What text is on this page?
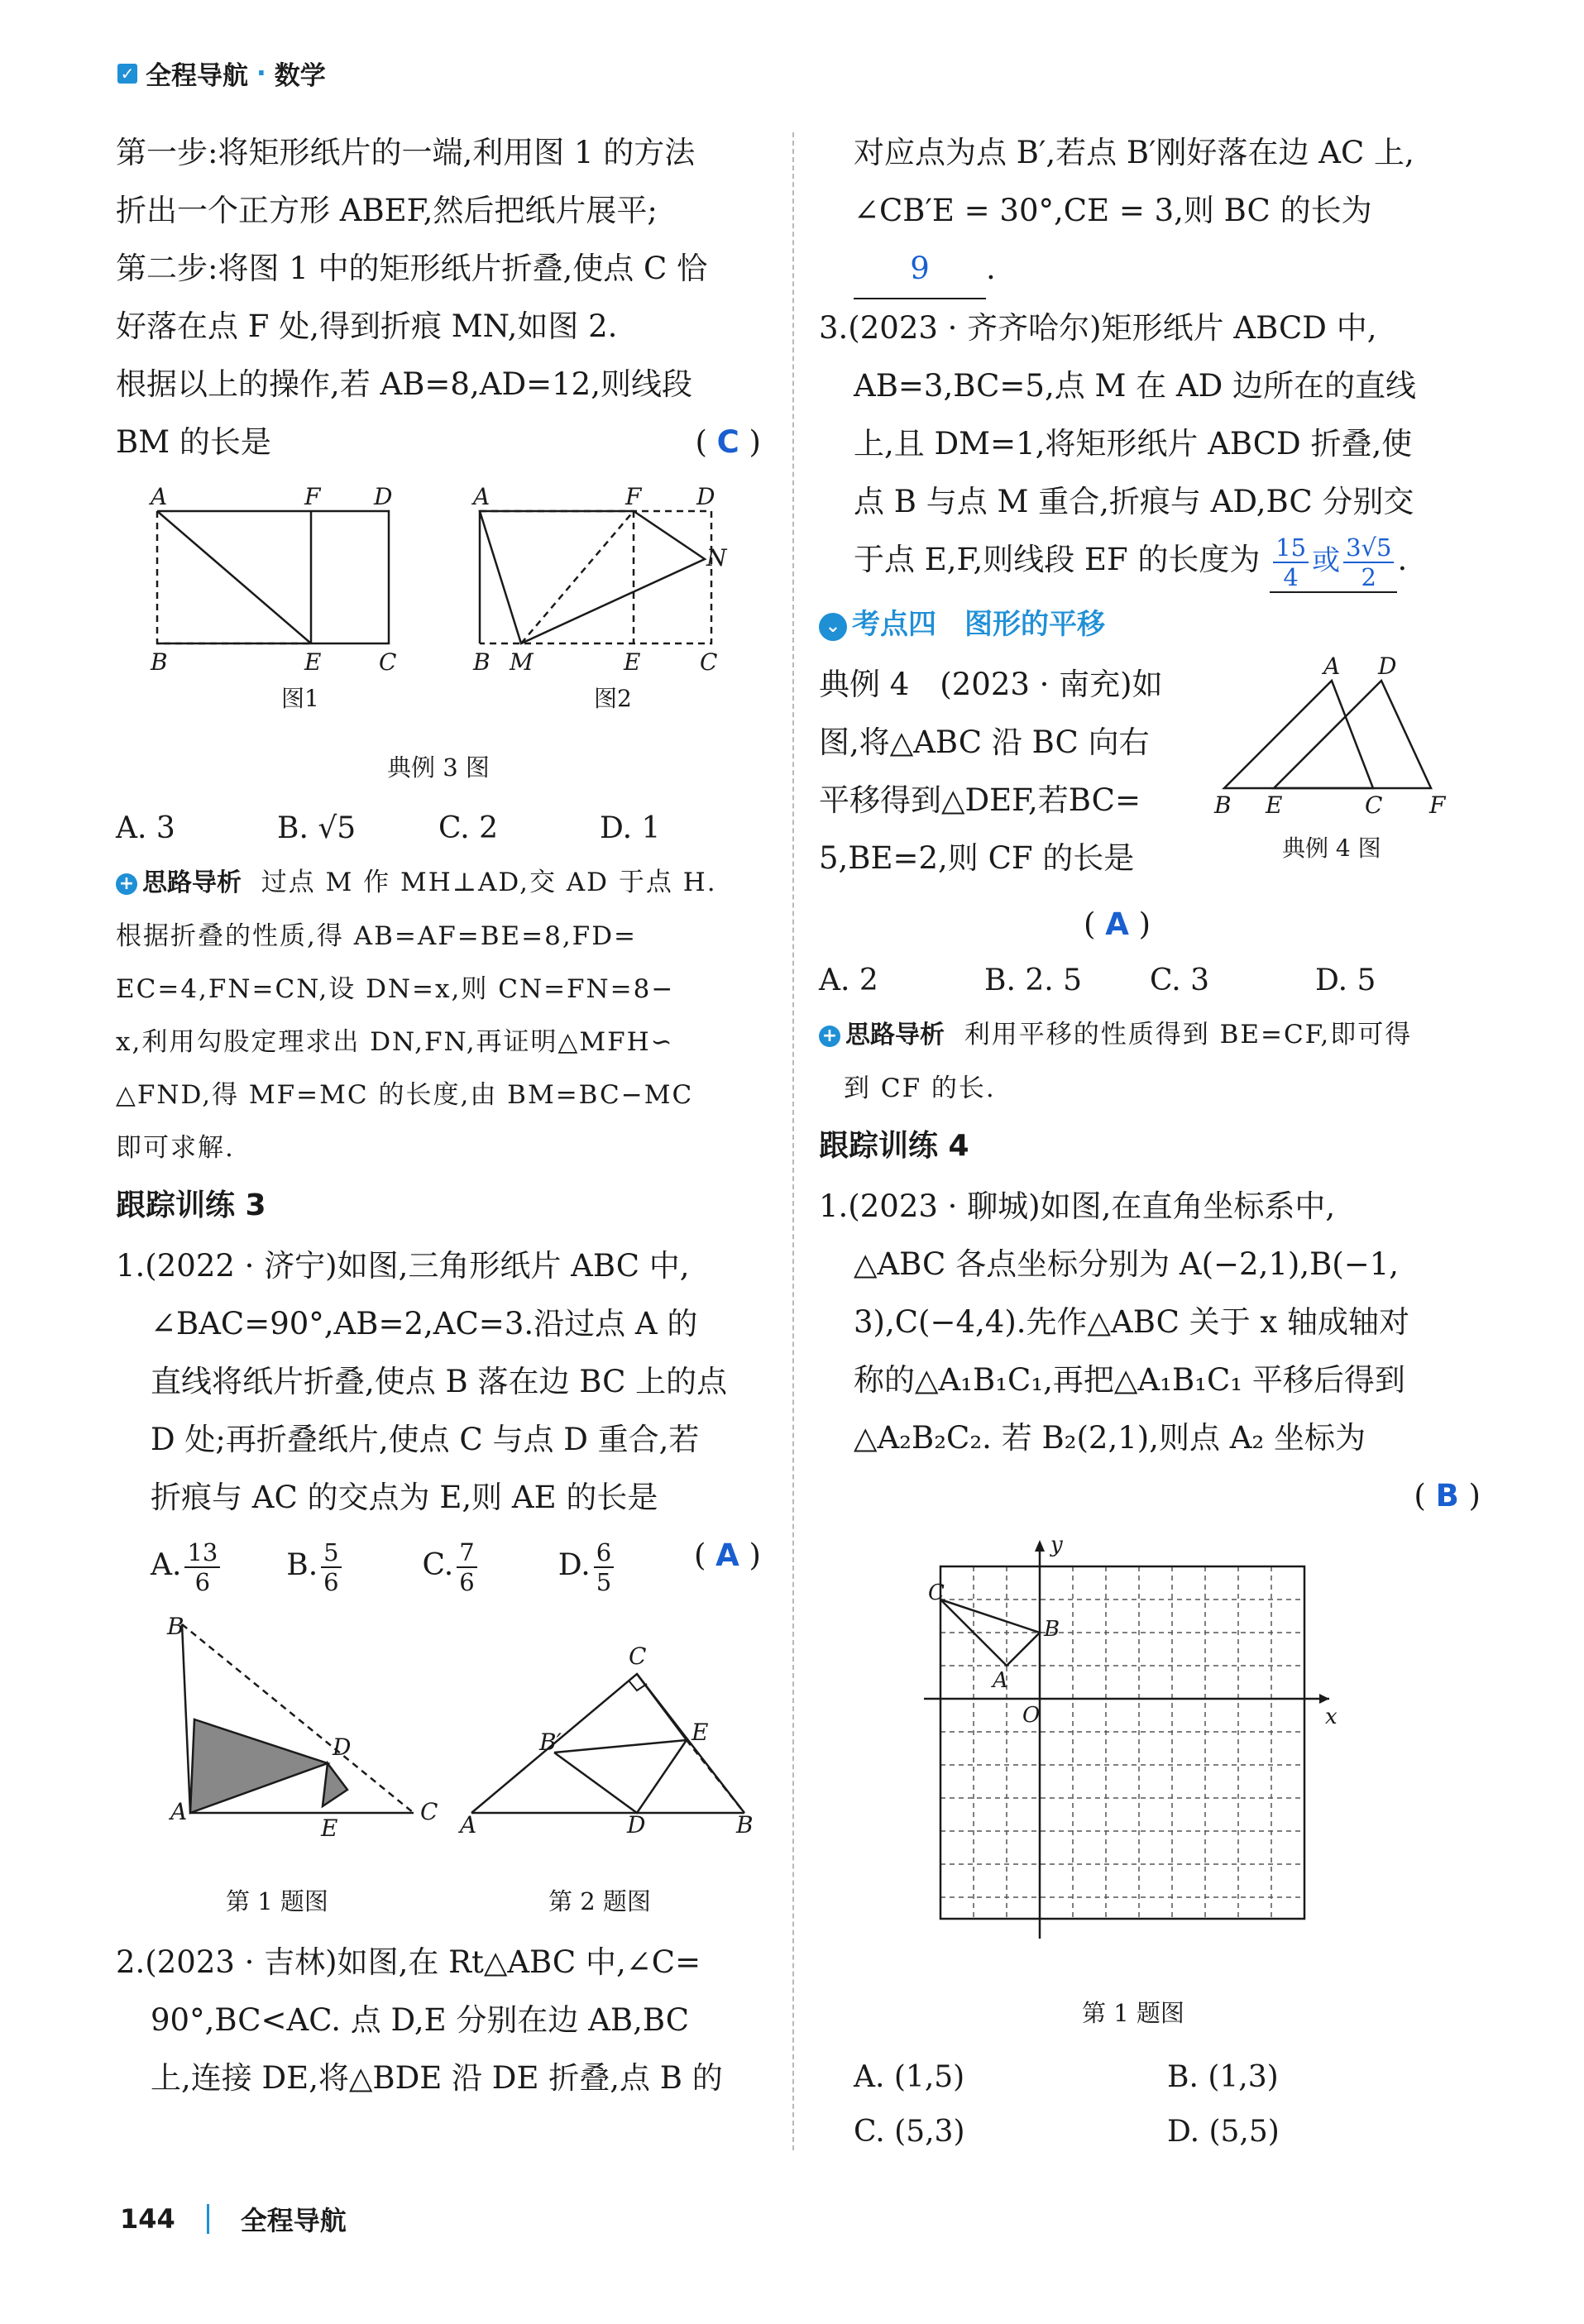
✓ 全程导航 · 数学
第一步:将矩形纸片的一端,利用图 1 的方法
折出一个正方形 ABEF,然后把纸片展平;
第二步:将图 1 中的矩形纸片折叠,使点 C 恰
好落在点 F 处,得到折痕 MN,如图 2.
根据以上的操作,若 AB=8,AD=12,则线段
BM 的长是	( C )
A	F D
B	E C
A	F D
N
B M	E	C
图1	图2
典例 3 图
A. 3	B. √5	C. 2	D. 1
+ 思路导析 过点 M 作 MH⊥AD,交 AD 于点 H.
根据折叠的性质,得 AB=AF=BE=8,FD=
EC=4,FN=CN,设 DN=x,则 CN=FN=8−
x,利用勾股定理求出 DN,FN,再证明△MFH∽
△FND,得 MF=MC 的长度,由 BM=BC−MC
即可求解.
跟踪训练 3
1.(2022 · 济宁)如图,三角形纸片 ABC 中,
∠BAC=90°,AB=2,AC=3.沿过点 A 的
直线将纸片折叠,使点 B 落在边 BC 上的点
D 处;再折叠纸片,使点 C 与点 D 重合,若
折痕与 AC 的交点为 E,则 AE 的长是
( A )
A. $\frac{13}{6} B$. $\frac{5}{6}$	C. $\frac{7}{6}$	D. $\frac{6}{5}$
B
D
A
E
C
C
B′	E
A	D	B
第 1 题图	第 2 题图
2.(2023 · 吉林)如图,在 Rt△ABC 中,∠C=
90°,BC<AC. 点 D,E 分别在边 AB,BC
上,连接 DE,将△BDE 沿 DE 折叠,点 B 的
对应点为点 B′,若点 B′刚好落在边 AC 上,
∠CB′E = 30°,CE = 3,则 BC 的长为
9 .
3.(2023 · 齐齐哈尔)矩形纸片 ABCD 中,
AB=3,BC=5,点 M 在 AD 边所在的直线
上,且 DM=1,将矩形纸片 ABCD 折叠,使
点 B 与点 M 重合,折痕与 AD,BC 分别交
于点 E,F,则线段 EF 的长度为 $\frac{15}{4}$ 或 $\frac{3√5}{2}$ .
⌄ 考点四　图形的平移
典例 4　(2023 · 南充)如
图,将△ABC 沿 BC 向右
平移得到△DEF,若BC=
5,BE=2,则 CF 的长是
A D
B E	C F
典例 4 图
( A )
A. 2	B. 2. 5	C. 3	D. 5
+ 思路导析 利用平移的性质得到 BE=CF,即可得
到 CF 的长.
跟踪训练 4
1.(2023 · 聊城)如图,在直角坐标系中,
△ABC 各点坐标分别为 A(−2,1),B(−1,
3),C(−4,4).先作△ABC 关于 x 轴成轴对
称的△A₁B₁C₁,再把△A₁B₁C₁ 平移后得到
△A₂B₂C₂. 若 B₂(2,1),则点 A₂ 坐标为
( B )
y
x
O
C
B
A
第 1 题图
A. (1,5)	B. (1,3)
C. (5,3)	D. (5,5)
144 全程导航
